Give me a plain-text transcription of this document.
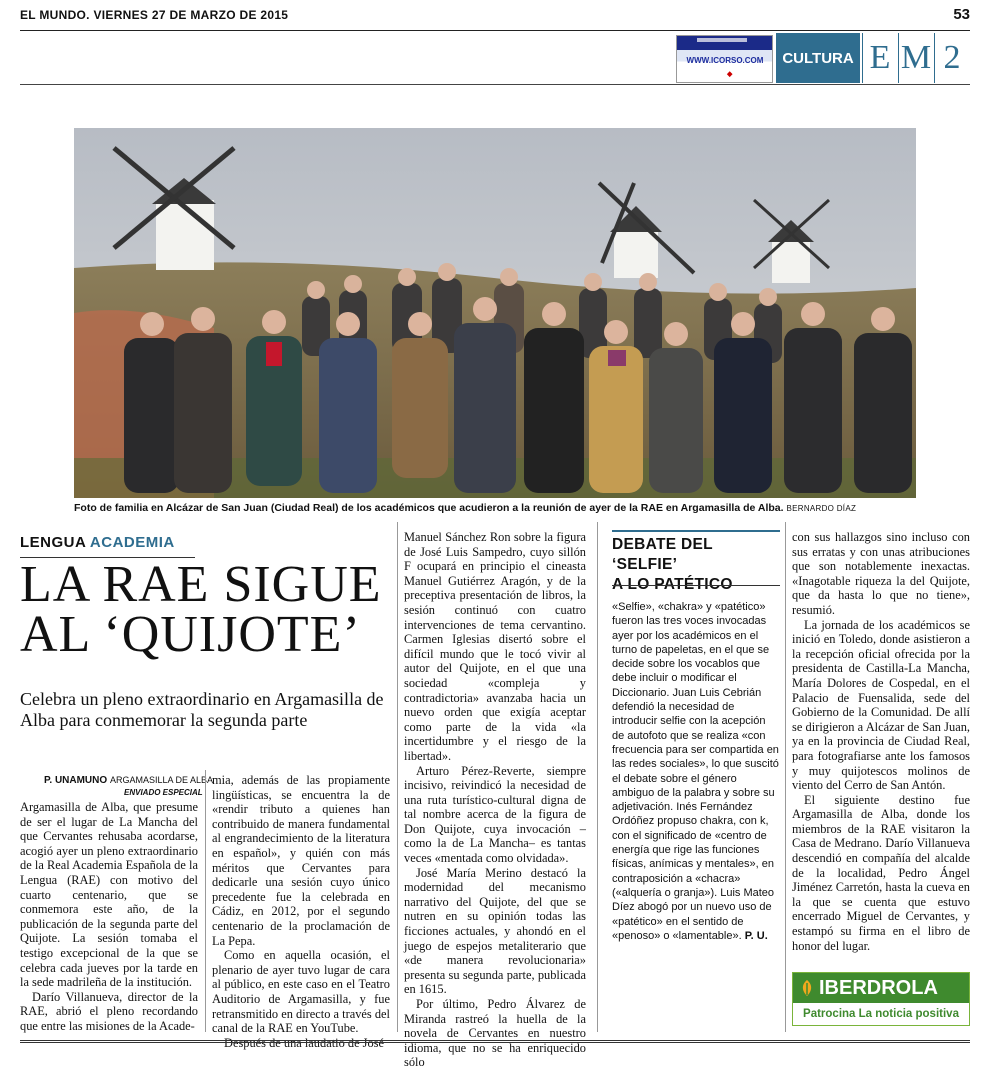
EL MUNDO. VIERNES 27 DE MARZO DE 2015	53
WWW.ICORSO.COM
◆
CULTURA E M 2
Foto de familia en Alcázar de San Juan (Ciudad Real) de los académicos que acudieron a la reunión de ayer de la RAE en Argamasilla de Alba. BERNARDO DÍAZ
LENGUA ACADEMIA
LA RAE SIGUE
AL ‘QUIJOTE’
Celebra un pleno extraordinario en Argamasilla de Alba para conmemorar la segunda parte
P. UNAMUNO ARGAMASILLA DE ALBA
ENVIADO ESPECIAL

Argamasilla de Alba, que presume de ser el lugar de La Mancha del que Cervantes rehusaba acordarse, acogió ayer un pleno extraordinario de la Real Academia Española de la Lengua (RAE) con motivo del cuarto centenario, que se conmemora este año, de la publicación de la segunda parte del Quijote. La sesión tomaba el testigo excepcional de la que se celebra cada jueves por la tarde en la sede madrileña de la institución.

Darío Villanueva, director de la RAE, abrió el pleno recordando que entre las misiones de la Acade-

mia, además de las propiamente lingüísticas, se encuentra la de «rendir tributo a quienes han contribuido de manera fundamental al engrandecimiento de la literatura en español», y quién con más méritos que Cervantes para dedicarle una sesión cuyo único precedente fue la celebrada en Cádiz, en 2012, por el segundo centenario de la proclamación de La Pepa.

Como en aquella ocasión, el plenario de ayer tuvo lugar de cara al público, en este caso en el Teatro Auditorio de Argamasilla, y fue retransmitido en directo a través del canal de la RAE en YouTube.

Después de una laudatio de José

Manuel Sánchez Ron sobre la figura de José Luis Sampedro, cuyo sillón F ocupará en principio el cineasta Manuel Gutiérrez Aragón, y de la preceptiva presentación de libros, la sesión continuó con cuatro intervenciones de tema cervantino. Carmen Iglesias disertó sobre el difícil mundo que le tocó vivir al autor del Quijote, en el que una sociedad «compleja y contradictoria» avanzaba hacia un nuevo orden que exigía aceptar como parte de la vida «la incertidumbre y el riesgo de la libertad».

Arturo Pérez-Reverte, siempre incisivo, reivindicó la necesidad de una ruta turístico-cultural digna de tal nombre acerca de la figura de Don Quijote, cuya invocación –como la de La Mancha– es tantas veces «mentada como olvidada».

José María Merino destacó la modernidad del mecanismo narrativo del Quijote, del que se nutren en su opinión todas las ficciones actuales, y ahondó en el juego de espejos metaliterario que «de manera revolucionaria» presenta su segunda parte, publicada en 1615.

Por último, Pedro Álvarez de Miranda rastreó la huella de la novela de Cervantes en nuestro idioma, que no se ha enriquecido sólo

DEBATE DEL ‘SELFIE’
A LO PATÉTICO

«Selfie», «chakra» y «patético» fueron las tres voces invocadas ayer por los académicos en el turno de papeletas, en el que se decide sobre los vocablos que debe incluir o modificar el Diccionario. Juan Luis Cebrián defendió la necesidad de introducir selfie con la acepción de autofoto que se realiza «con frecuencia para ser compartida en las redes sociales», lo que suscitó el debate sobre el género ambiguo de la palabra y sobre su adjetivación. Inés Fernández Ordóñez propuso chakra, con k, con el significado de «centro de energía que rige las funciones físicas, anímicas y mentales», en contraposición a «chacra» («alquería o granja»). Luis Mateo Díez abogó por un nuevo uso de «patético» en el sentido de «penoso» o «lamentable». P. U.

con sus hallazgos sino incluso con sus erratas y con unas atribuciones que son notablemente inexactas. «Inagotable riqueza la del Quijote, que da hasta lo que no tiene», resumió.

La jornada de los académicos se inició en Toledo, donde asistieron a la recepción oficial ofrecida por la presidenta de Castilla-La Mancha, María Dolores de Cospedal, en el Palacio de Fuensalida, sede del Gobierno de la Comunidad. De allí se dirigieron a Alcázar de San Juan, ya en la provincia de Ciudad Real, para fotografiarse ante los famosos y muy quijotescos molinos de viento del Cerro de San Antón.

El siguiente destino fue Argamasilla de Alba, donde los miembros de la RAE visitaron la Casa de Medrano. Darío Villanueva descendió en compañía del alcalde de la localidad, Pedro Ángel Jiménez Carretón, hasta la cueva en la que se cuenta que estuvo encerrado Miguel de Cervantes, y estampó su firma en el libro de honor del lugar.

IBERDROLA
Patrocina La noticia positiva
